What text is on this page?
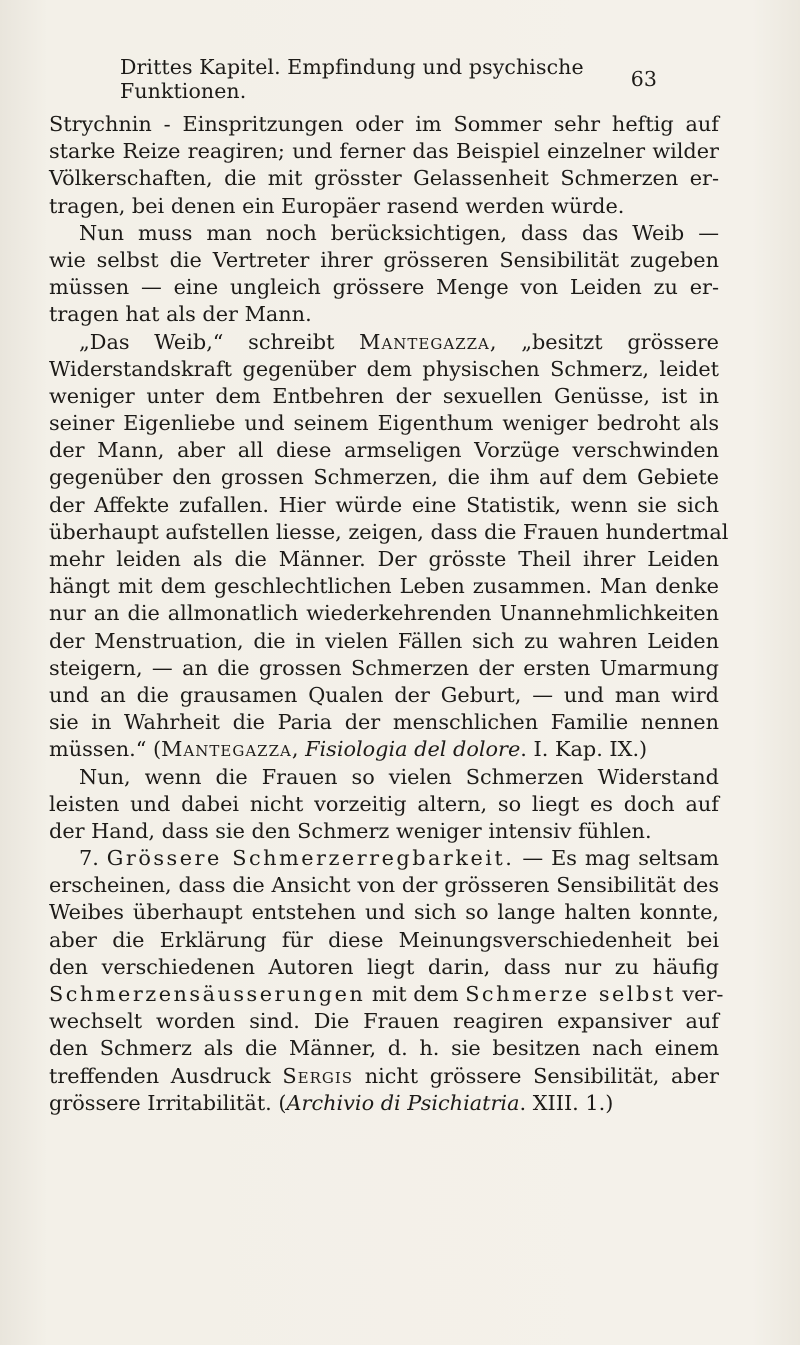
Drittes Kapitel. Empfindung und psychische Funktionen.	63
Strychnin - Einspritzungen oder im Sommer sehr heftig auf
starke Reize reagiren; und ferner das Beispiel einzelner wilder
Völkerschaften, die mit grösster Gelassenheit Schmerzen er-
tragen, bei denen ein Europäer rasend werden würde.
Nun muss man noch berücksichtigen, dass das Weib —
wie selbst die Vertreter ihrer grösseren Sensibilität zugeben
müssen — eine ungleich grössere Menge von Leiden zu er-
tragen hat als der Mann.
„Das Weib,“ schreibt Mantegazza, „besitzt grössere
Widerstandskraft gegenüber dem physischen Schmerz, leidet
weniger unter dem Entbehren der sexuellen Genüsse, ist in
seiner Eigenliebe und seinem Eigenthum weniger bedroht als
der Mann, aber all diese armseligen Vorzüge verschwinden
gegenüber den grossen Schmerzen, die ihm auf dem Gebiete
der Affekte zufallen. Hier würde eine Statistik, wenn sie sich
überhaupt aufstellen liesse, zeigen, dass die Frauen hundertmal
mehr leiden als die Männer. Der grösste Theil ihrer Leiden
hängt mit dem geschlechtlichen Leben zusammen. Man denke
nur an die allmonatlich wiederkehrenden Unannehmlichkeiten
der Menstruation, die in vielen Fällen sich zu wahren Leiden
steigern, — an die grossen Schmerzen der ersten Umarmung
und an die grausamen Qualen der Geburt, — und man wird
sie in Wahrheit die Paria der menschlichen Familie nennen
müssen.“ (Mantegazza, Fisiologia del dolore. I. Kap. IX.)
Nun, wenn die Frauen so vielen Schmerzen Widerstand
leisten und dabei nicht vorzeitig altern, so liegt es doch auf
der Hand, dass sie den Schmerz weniger intensiv fühlen.
7. Grössere Schmerzerregbarkeit. — Es mag seltsam
erscheinen, dass die Ansicht von der grösseren Sensibilität des
Weibes überhaupt entstehen und sich so lange halten konnte,
aber die Erklärung für diese Meinungsverschiedenheit bei
den verschiedenen Autoren liegt darin, dass nur zu häufig
Schmerzensäusserungen mit dem Schmerze selbst ver-
wechselt worden sind. Die Frauen reagiren expansiver auf
den Schmerz als die Männer, d. h. sie besitzen nach einem
treffenden Ausdruck Sergis nicht grössere Sensibilität, aber
grössere Irritabilität. (Archivio di Psichiatria. XIII. 1.)
